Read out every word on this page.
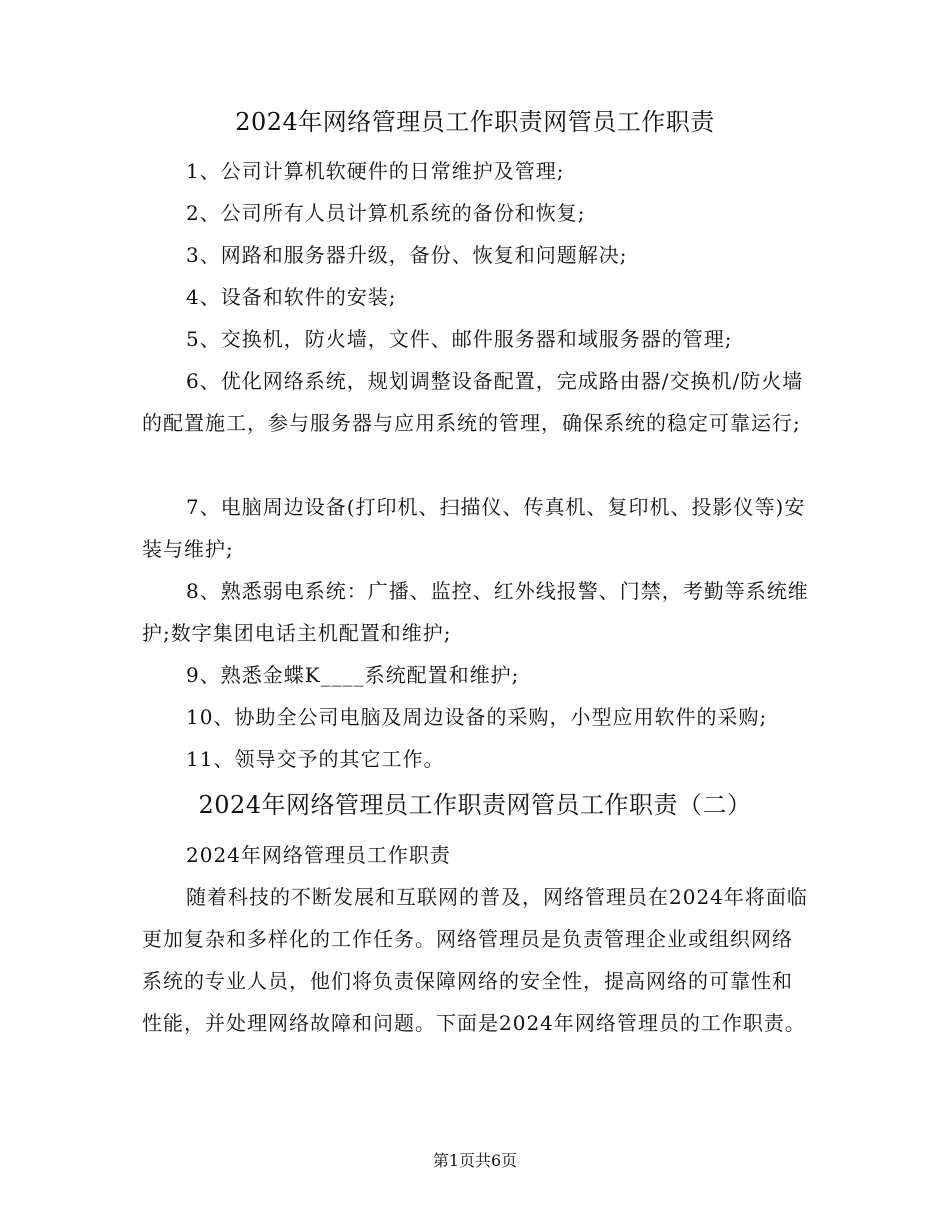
2024年网络管理员工作职责网管员工作职责

1、公司计算机软硬件的日常维护及管理;

2、公司所有人员计算机系统的备份和恢复;

3、网路和服务器升级，备份、恢复和问题解决;

4、设备和软件的安装;

5、交换机，防火墙，文件、邮件服务器和域服务器的管理;

6、优化网络系统，规划调整设备配置，完成路由器/交换机/防火墙的配置施工，参与服务器与应用系统的管理，确保系统的稳定可靠运行;

7、电脑周边设备(打印机、扫描仪、传真机、复印机、投影仪等)安装与维护;

8、熟悉弱电系统：广播、监控、红外线报警、门禁，考勤等系统维护;数字集团电话主机配置和维护;

9、熟悉金蝶K____系统配置和维护;

10、协助全公司电脑及周边设备的采购，小型应用软件的采购;

11、领导交予的其它工作。

2024年网络管理员工作职责网管员工作职责（二）

2024年网络管理员工作职责

随着科技的不断发展和互联网的普及，网络管理员在2024年将面临更加复杂和多样化的工作任务。网络管理员是负责管理企业或组织网络系统的专业人员，他们将负责保障网络的安全性，提高网络的可靠性和性能，并处理网络故障和问题。下面是2024年网络管理员的工作职责。

第1页共6页
